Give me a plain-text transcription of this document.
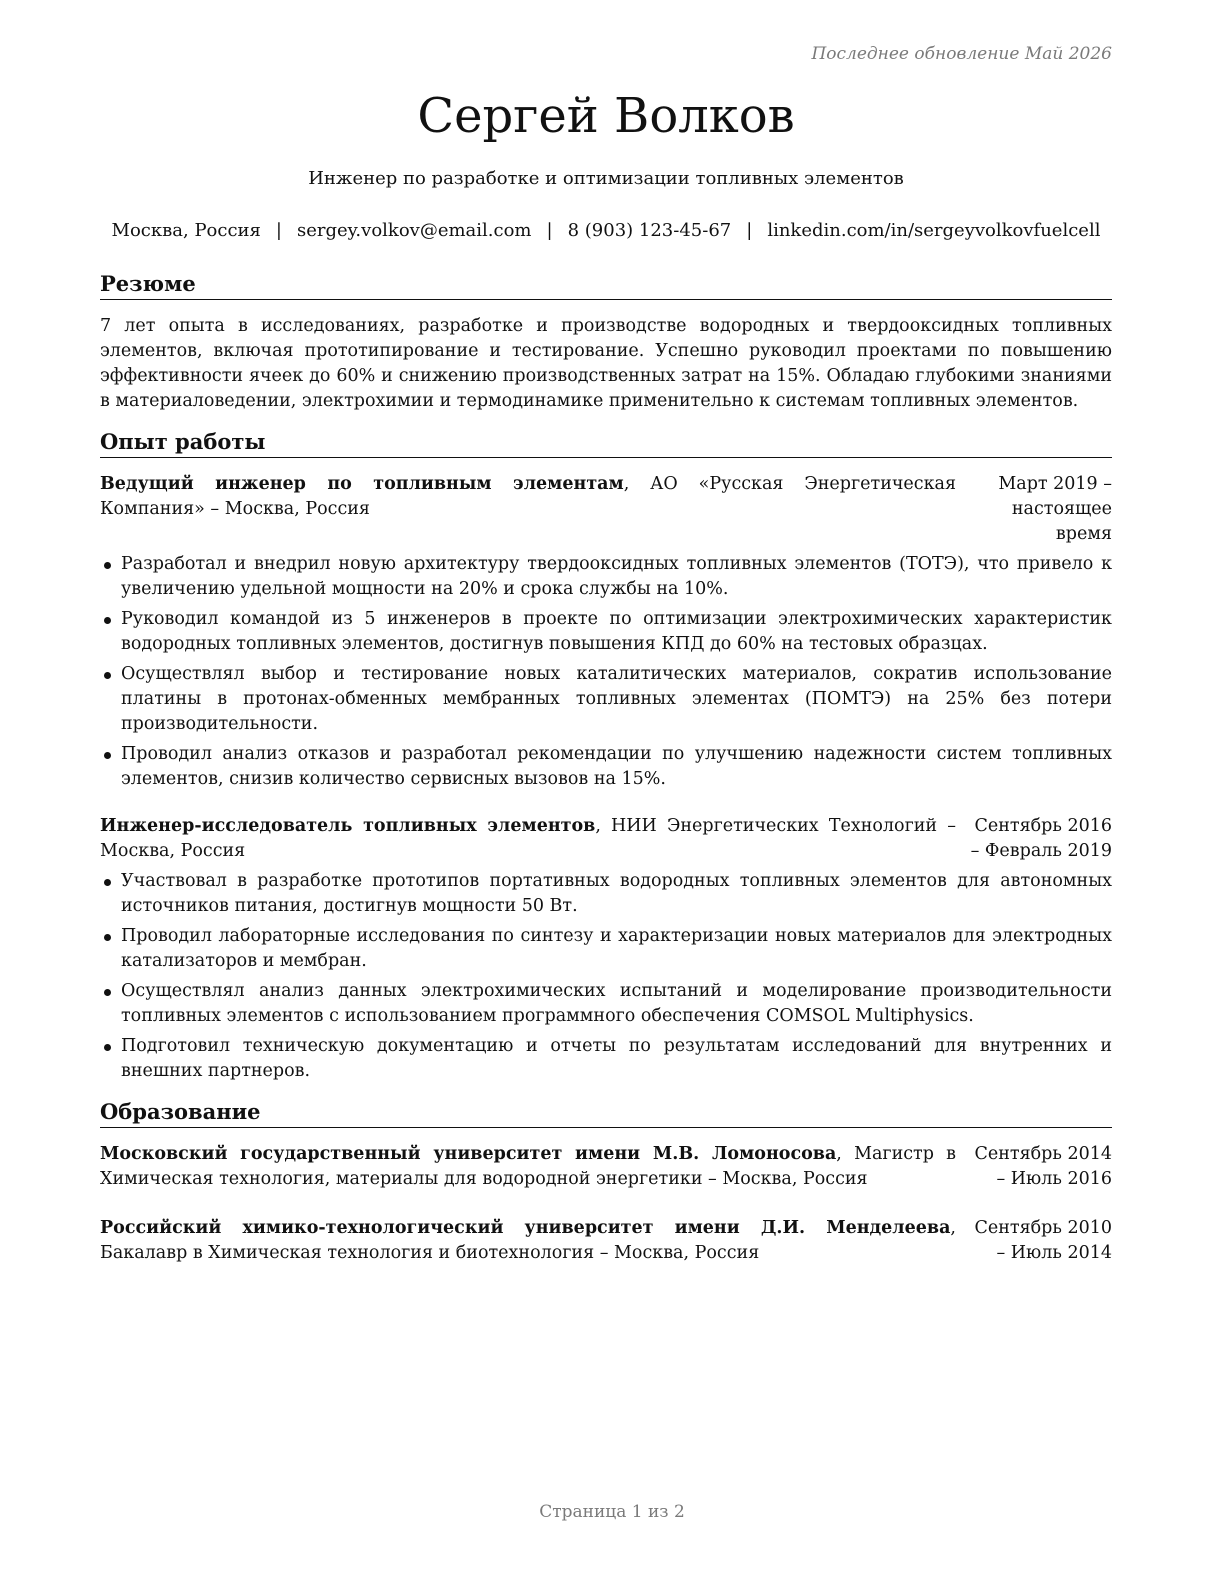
Последнее обновление Май 2026
Сергей Волков
Инженер по разработке и оптимизации топливных элементов
Москва, Россия | sergey.volkov@email.com | 8 (903) 123-45-67 | linkedin.com/in/sergeyvolkovfuelcell
Резюме

7 лет опыта в исследованиях, разработке и производстве водородных и твердооксидных топливных элементов, включая прототипирование и тестирование. Успешно руководил проектами по повышению эффективности ячеек до 60% и снижению производственных затрат на 15%. Обладаю глубокими знаниями в материаловедении, электрохимии и термодинамике применительно к системам топливных элементов.

Опыт работы
Ведущий инженер по топливным элементам, АО «Русская Энергетическая Компания» – Москва, Россия
Март 2019 – настоящее время
Разработал и внедрил новую архитектуру твердооксидных топливных элементов (ТОТЭ), что привело к увеличению удельной мощности на 20% и срока службы на 10%.
Руководил командой из 5 инженеров в проекте по оптимизации электрохимических характеристик водородных топливных элементов, достигнув повышения КПД до 60% на тестовых образцах.
Осуществлял выбор и тестирование новых каталитических материалов, сократив использование платины в протонах-обменных мембранных топливных элементах (ПОМТЭ) на 25% без потери производительности.
Проводил анализ отказов и разработал рекомендации по улучшению надежности систем топливных элементов, снизив количество сервисных вызовов на 15%.
Инженер-исследователь топливных элементов, НИИ Энергетических Технологий – Москва, Россия
Сентябрь 2016 – Февраль 2019
Участвовал в разработке прототипов портативных водородных топливных элементов для автономных источников питания, достигнув мощности 50 Вт.
Проводил лабораторные исследования по синтезу и характеризации новых материалов для электродных катализаторов и мембран.
Осуществлял анализ данных электрохимических испытаний и моделирование производительности топливных элементов с использованием программного обеспечения COMSOL Multiphysics.
Подготовил техническую документацию и отчеты по результатам исследований для внутренних и внешних партнеров.
Образование
Московский государственный университет имени М.В. Ломоносова, Магистр в Химическая технология, материалы для водородной энергетики – Москва, Россия
Сентябрь 2014 – Июль 2016
Российский химико-технологический университет имени Д.И. Менделеева, Бакалавр в Химическая технология и биотехнология – Москва, Россия
Сентябрь 2010 – Июль 2014
Страница 1 из 2
